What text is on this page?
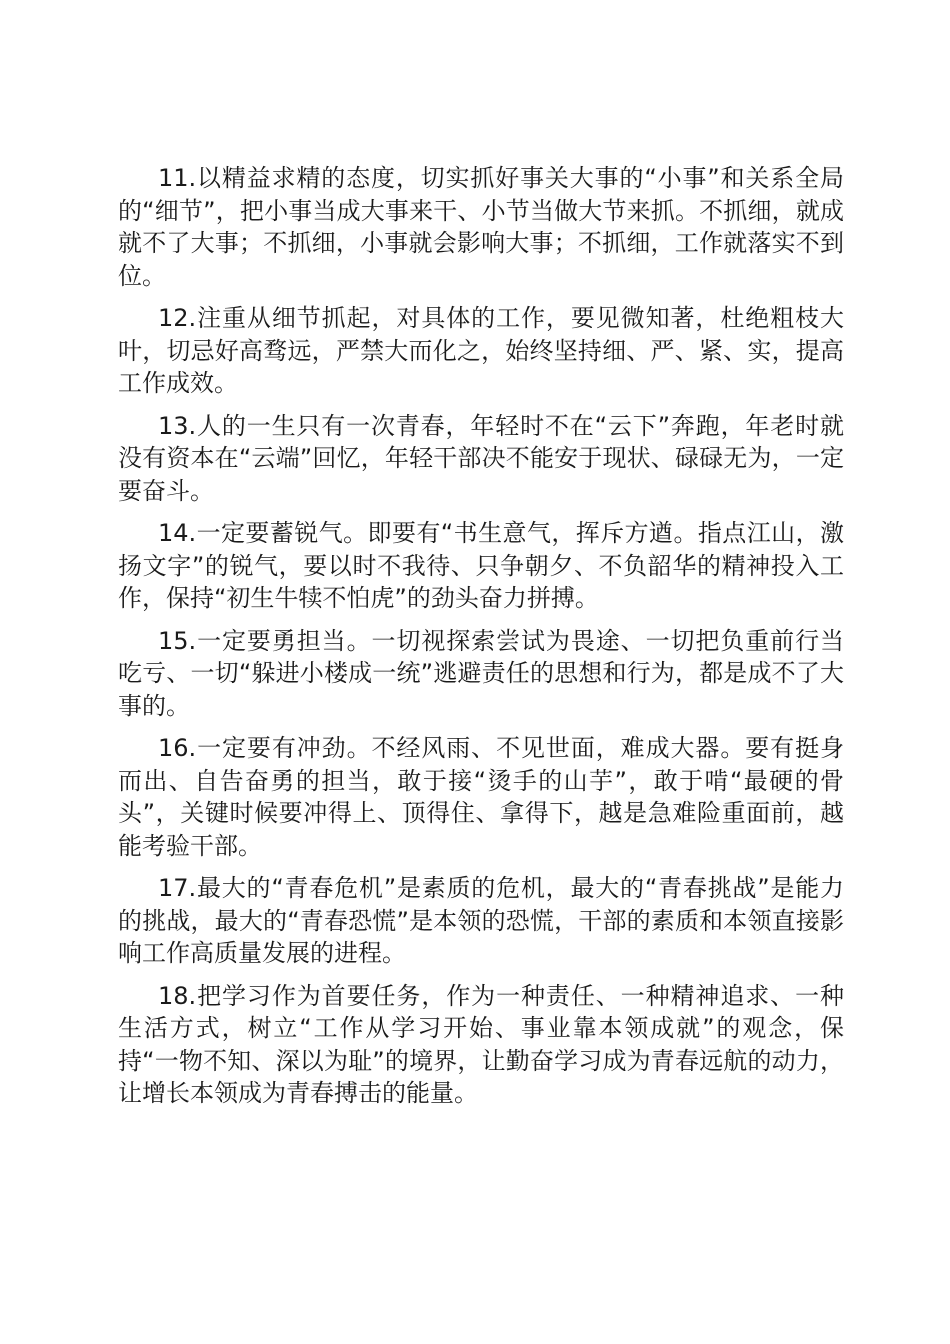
11.以精益求精的态度，切实抓好事关大事的“小事”和关系全局的“细节”，把小事当成大事来干、小节当做大节来抓。不抓细，就成就不了大事；不抓细，小事就会影响大事；不抓细，工作就落实不到位。

12.注重从细节抓起，对具体的工作，要见微知著，杜绝粗枝大叶，切忌好高骛远，严禁大而化之，始终坚持细、严、紧、实，提高工作成效。

13.人的一生只有一次青春，年轻时不在“云下”奔跑，年老时就没有资本在“云端”回忆，年轻干部决不能安于现状、碌碌无为，一定要奋斗。

14.一定要蓄锐气。即要有“书生意气，挥斥方遒。指点江山，激扬文字”的锐气，要以时不我待、只争朝夕、不负韶华的精神投入工作，保持“初生牛犊不怕虎”的劲头奋力拼搏。

15.一定要勇担当。一切视探索尝试为畏途、一切把负重前行当吃亏、一切“躲进小楼成一统”逃避责任的思想和行为，都是成不了大事的。

16.一定要有冲劲。不经风雨、不见世面，难成大器。要有挺身而出、自告奋勇的担当，敢于接“烫手的山芋”，敢于啃“最硬的骨头”，关键时候要冲得上、顶得住、拿得下，越是急难险重面前，越能考验干部。

17.最大的“青春危机”是素质的危机，最大的“青春挑战”是能力的挑战，最大的“青春恐慌”是本领的恐慌，干部的素质和本领直接影响工作高质量发展的进程。

18.把学习作为首要任务，作为一种责任、一种精神追求、一种生活方式，树立“工作从学习开始、事业靠本领成就”的观念，保持“一物不知、深以为耻”的境界，让勤奋学习成为青春远航的动力，让增长本领成为青春搏击的能量。
